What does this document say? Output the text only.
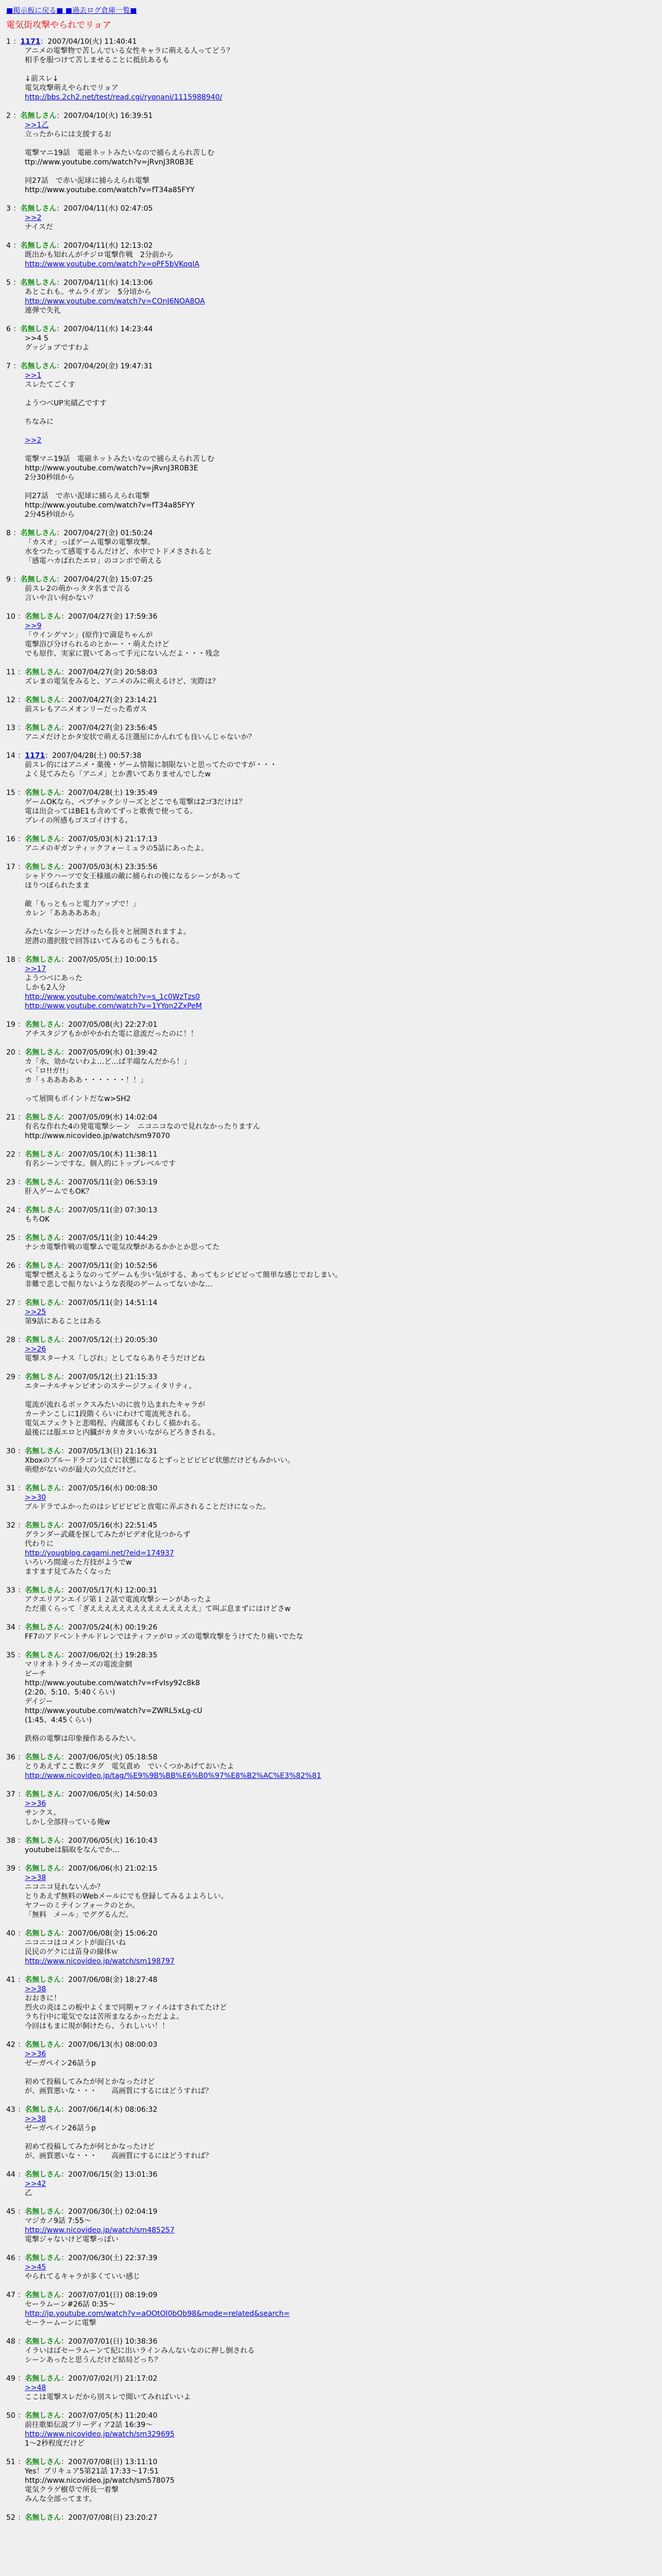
■掲示板に戻る■ ■過去ログ倉庫一覧■
電気街攻撃やられでリョア
1 ：1171：2007/04/10(火) 11:40:41
アニメの電撃物で苦しんでいる女性キャラに萌える人ってどう？
相手を服つけて苦しませることに抵抗あるも

↓前スレ↓
電気攻撃萌えやられでリョア
http://bbs.2ch2.net/test/read.cgi/ryonani/1115988940/
2 ：名無しさん：2007/04/10(火) 16:39:51
>>1乙
立ったからには支援するお

電撃マニ19話　電磁ネットみたいなので捕らえられ苦しむ
ttp://www.youtube.com/watch?v=jRvnJ3R0B3E

同27話　で赤い泥球に捕らえられ電撃
http://www.youtube.com/watch?v=fT34a85FYY
3 ：名無しさん：2007/04/11(水) 02:47:05
>>2
ナイスだ
4 ：名無しさん：2007/04/11(水) 12:13:02
既出かも知れんがチジロ電撃作戦　2分前から
http://www.youtube.com/watch?v=oPF5bVKoqIA
5 ：名無しさん：2007/04/11(水) 14:13:06
あとこれも。サムライガン　5分頃から
http://www.youtube.com/watch?v=COnJ6NOA8OA
連弾で失礼
6 ：名無しさん：2007/04/11(水) 14:23:44
>>4 5
グッジョブですわよ
7 ：名無しさん：2007/04/20(金) 19:47:31
>>1
スレたてごくす

ようつべUP実績乙ですす

ちなみに

>>2

電撃マニ19話　電磁ネットみたいなので捕らえられ苦しむ
http://www.youtube.com/watch?v=jRvnJ3R0B3E
2分30秒頃から

同27話　で赤い泥球に捕らえられ電撃
http://www.youtube.com/watch?v=fT34a85FYY
2分45秒頃から
8 ：名無しさん：2007/04/27(金) 01:50:24
「カスオ」っぽゲーム電撃の電撃攻撃。
水をつたって感電するんだけど、水中でトドメさされると
「感電ハカばれたエロ」のコンボで萌える
9 ：名無しさん：2007/04/27(金) 15:07:25
前スレ2の萌かっタタ名まで言る
言いや言い何かない？
10 ：名無しさん：2007/04/27(金) 17:59:36
>>9
「ウイングマン」(原作)で満是ちゃんが
電撃浴び分けられるのとかー・・萌えたけど
でも原作、実家に置いてあって手元にないんだよ・・・残念
11 ：名無しさん：2007/04/27(金) 20:58:03
ズレまの電気をみると、アニメのみに萌えるけど、実際は？
12 ：名無しさん：2007/04/27(金) 23:14:21
前スレもアニメオンリーだった希ガス
13 ：名無しさん：2007/04/27(金) 23:56:45
アニメだけとかタ安状で萌える注選屋にかんれても良いんじゃないか？
14 ：1171：2007/04/28(土) 00:57:38
前スレ的にはアニメ・薬後・ゲーム情報に制限ないと思ってたのですが・・・
よく見てみたら「アニメ」とか書いてありませんでしたw
15 ：名無しさん：2007/04/28(土) 19:35:49
ゲームOKなら、ペプチックシリーズとどこでも電撃は2ゴ3だけは？
電は出会ってはBE1も含めてずっと歌喪で使ってる。
プレイの所感もゴスゴイけする。
16 ：名無しさん：2007/05/03(木) 21:17:13
アニメのギガンティックフォーミュラの5話にあったよ。
17 ：名無しさん：2007/05/03(木) 23:35:56
シャドウハーツで女王様風の敵に捕られの後になるシーンがあって
ほりつぼられたまま

敵「もっともっと電力アップで！」
カレン「ああああああ」

みたいなシーンだけったら長々と展開されますよ。
逆潜の選択肢で回答はいてみるのもこうもれる。
18 ：名無しさん：2007/05/05(土) 10:00:15
>>17
ようつべにあった
しかも2人分
http://www.youtube.com/watch?v=s_1c0WzTzs0
http://www.youtube.com/watch?v=1YYon2ZxPeM
19 ：名無しさん：2007/05/08(火) 22:27:01
アチスタジアもかがやかれた電に意流だったのに！！
20 ：名無しさん：2007/05/09(水) 01:39:42
カ「水、効かないわよ…ど…ぱ半端なんだから！」
ベ「ロ!!ガ!!」
カ「ぅあああああ・・・・・・！！」

って展開もポイントだなw>SH2
21 ：名無しさん：2007/05/09(水) 14:02:04
有名な作れた4の発電電撃シーン　ニコニコなので見れなかったりますん
http://www.nicovideo.jp/watch/sm97070
22 ：名無しさん：2007/05/10(木) 11:38:11
有名シーンですな。個人的にトップレベルです
23 ：名無しさん：2007/05/11(金) 06:53:19
肝入ゲームでもOK？
24 ：名無しさん：2007/05/11(金) 07:30:13
もちOK
25 ：名無しさん：2007/05/11(金) 10:44:29
ナシカ電撃作戦の電撃ムで電気攻撃があるかかとか思ってた
26 ：名無しさん：2007/05/11(金) 10:52:56
電撃で燃えるようなのってゲームも少い気がする、あってもシビビビって簡単な感じでおしまい。
非難で悲しで振りないような表現のゲームってないかな…
27 ：名無しさん：2007/05/11(金) 14:51:14
>>25
第9話にあることはある
28 ：名無しさん：2007/05/12(土) 20:05:30
>>26
電撃スターナス「しびれ」としてならありそうだけどね
29 ：名無しさん：2007/05/12(土) 21:15:33
エターナルチャンピオンのステージフェイタリティ。

電流が流れるボックスみたいのに放り込まれたキャラが
カーテンこしに1段階くらいにわけて電流死される。
電気エフェクトと悲鳴程、内蔵部もくわしく描かれる。
最後には服エロと内臓がカタカタいいながらどろきされる。
30 ：名無しさん：2007/05/13(日) 21:16:31
Xboxのブルードラゴンはぐに状態になるとずっとビビビビ状態だけどもみかいい。
萌燈がないのが最大の欠点だけど。
31 ：名無しさん：2007/05/16(水) 00:08:30
>>30
ブルドラでふかったのはシビビビビと放電に弄ぶされることだけになった。
32 ：名無しさん：2007/05/16(水) 22:51:45
グランダー武蔵を探してみたがビデオ化見つからず
代わりに
http://yougblog.cagami.net/?eid=174937
いろいろ間違った方技がようでw
ますます見てみたくなった
33 ：名無しさん：2007/05/17(木) 12:00:31
アクエリアンエイジ第１２話で電流攻撃シーンがあったよ
ただ重くらって「ぎえええええええええええええええ」て叫ぶ息まずにはけどさw
34 ：名無しさん：2007/05/24(木) 00:19:26
FF7のアドベントチルドレンではティファがロッズの電撃攻撃をうけてたり痛いでたな
35 ：名無しさん：2007/06/02(土) 19:28:35
マリオネトライカーズの電流金網
ピーチ
http://www.youtube.com/watch?v=rFvIsy92c8k8
(2:20、5:10、5:40くらい)
デイジー
http://www.youtube.com/watch?v=ZWRL5xLg-cU
(1:45、4:45くらい)

鉄格の電撃は印象操作あるみたい。
36 ：名無しさん：2007/06/05(火) 05:18:58
とりあえずここ数にタグ　電気責め　でいくつかあげておいたよ
http://www.nicovideo.jp/tag/%E9%9B%BB%E6%B0%97%E8%B2%AC%E3%82%81
37 ：名無しさん：2007/06/05(火) 14:50:03
>>36
サンクス。
しかし全部持っている俺w
38 ：名無しさん：2007/06/05(火) 16:10:43
youtubeは脳取をなんでか…
39 ：名無しさん：2007/06/06(水) 21:02:15
>>38
ニコニコ見れないんか？
とりあえず無料のWebメールにでも登録してみるよよろしい。
ヤフーのミテインフォークのとか。
「無料　メール」でググるんだ。
40 ：名無しさん：2007/06/08(金) 15:06:20
ニコニコはコメントが面白いね
民民のゲクには苗身の線体ｗ
http://www.nicovideo.jp/watch/sm198797
41 ：名無しさん：2007/06/08(金) 18:27:48
>>38
おおきに！
烈火の炎ほこの板中よくまで同期ャファイルはすされてたけど
ラち行中に電気でなは苦所まなるかっただよよ。
今回はもまに現が飼けたら、うれしいい！！
42 ：名無しさん：2007/06/13(水) 08:00:03
>>36
ゼーガペイン26話うp

初めて投稿してみたが何とかなったけど
が、画質悪いな・・・　　高画質にするにはどうすれば？
43 ：名無しさん：2007/06/14(木) 08:06:32
>>38
ゼーガペイン26話うp

初めて投稿してみたが何とかなったけど
が、画質悪いな・・・　　高画質にするにはどうすれば？
44 ：名無しさん：2007/06/15(金) 13:01:36
>>42
乙
45 ：名無しさん：2007/06/30(土) 02:04:19
マジカノ9話 7:55～
http://www.nicovideo.jp/watch/sm485257
電撃ジャないけど電撃っぽい
46 ：名無しさん：2007/06/30(土) 22:37:39
>>45
やられてるキャラが多くていい感じ
47 ：名無しさん：2007/07/01(日) 08:19:09
セーラムーン#26話 0:35～
http://jp.youtube.com/watch?v=aOOtOl0bOb98&mode=related&search=
セーラームーンに電撃
48 ：名無しさん：2007/07/01(日) 10:38:36
イラいはばセーラムーンて紀に出いラインみんないなのに押し倒される
シーンあったと思うんだけど結局どっち？
49 ：名無しさん：2007/07/02(月) 21:17:02
>>48
ここは電撃スレだから別スレで聞いてみればいいよ
50 ：名無しさん：2007/07/05(木) 11:20:40
前往歌姫伝説ブリーディア2話 16:39～
http://www.nicovideo.jp/watch/sm329695
1～2秒程度だけど
51 ：名無しさん：2007/07/08(日) 13:11:10
Yes！プリキュア5第21話 17:33～17:51
http://www.nicovideo.jp/watch/sm578075
電気クラゲ樹草で所長一着撃
みんな全部ってます。
52 ：名無しさん：2007/07/08(日) 23:20:27
